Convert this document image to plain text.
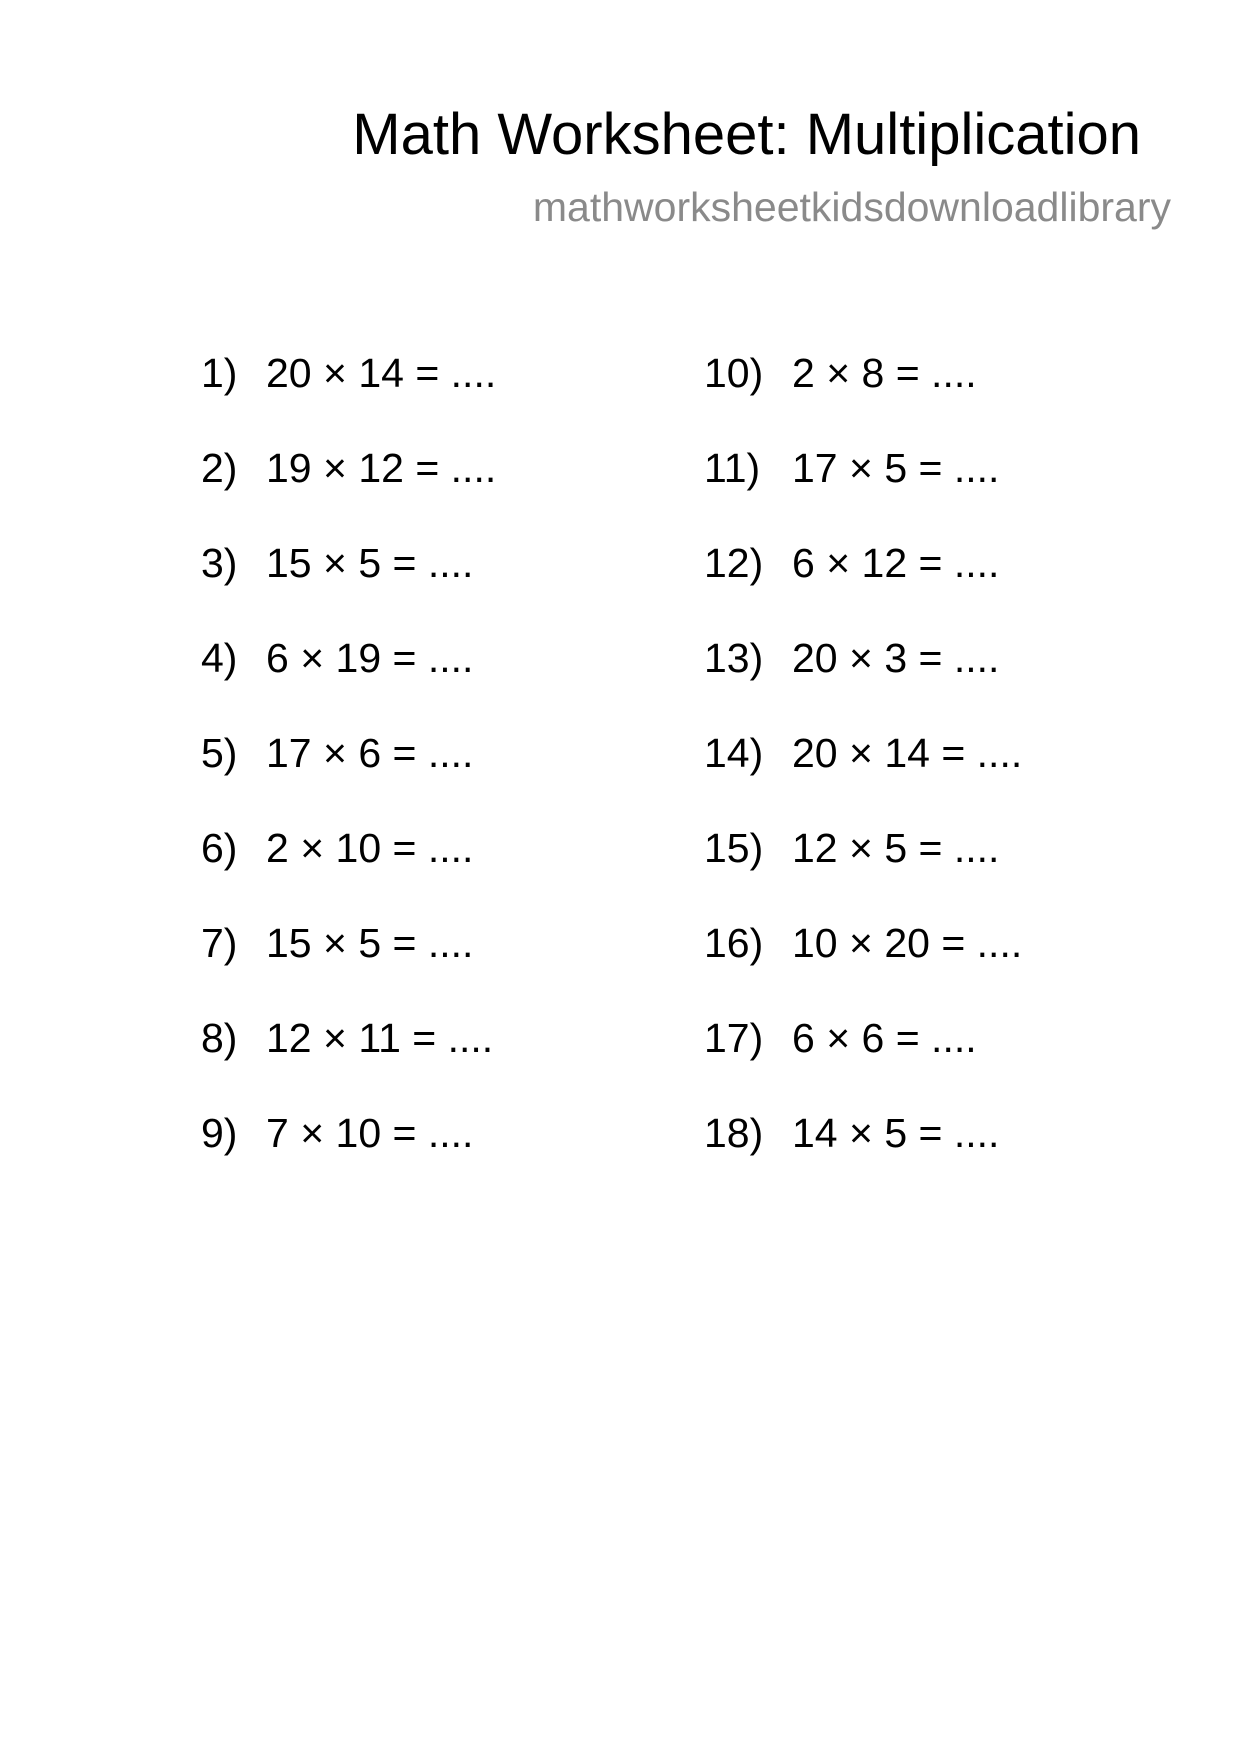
Math Worksheet: Multiplication
mathworksheetkidsdownloadlibrary
1) 20 × 14 = ....
2) 19 × 12 = ....
3) 15 × 5 = ....
4) 6 × 19 = ....
5) 17 × 6 = ....
6) 2 × 10 = ....
7) 15 × 5 = ....
8) 12 × 11 = ....
9) 7 × 10 = ....
10) 2 × 8 = ....
11) 17 × 5 = ....
12) 6 × 12 = ....
13) 20 × 3 = ....
14) 20 × 14 = ....
15) 12 × 5 = ....
16) 10 × 20 = ....
17) 6 × 6 = ....
18) 14 × 5 = ....
